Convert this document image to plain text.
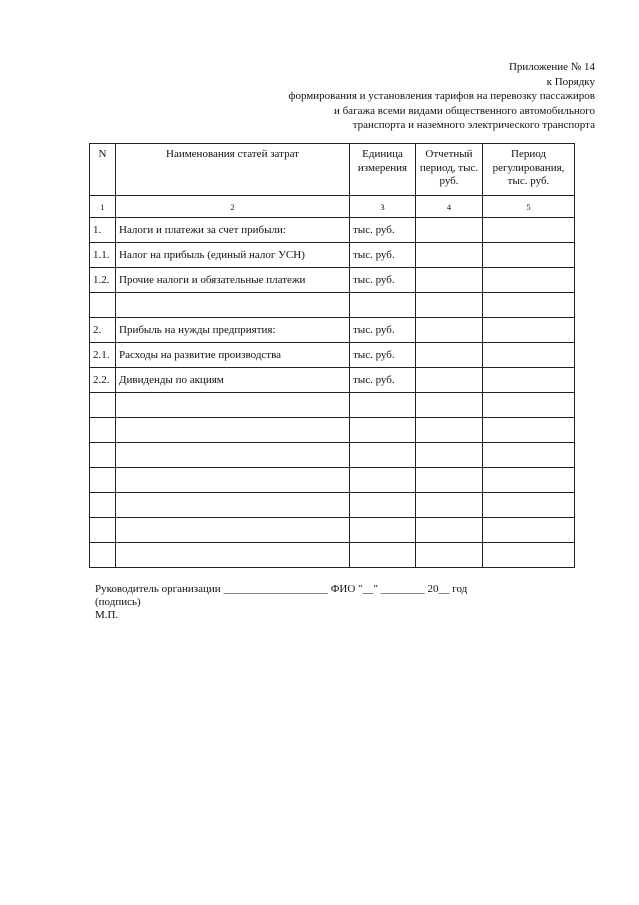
Приложение № 14
к Порядку
формирования и установления тарифов на перевозку пассажиров
и багажа всеми видами общественного автомобильного
транспорта и наземного электрического транспорта
N	Наименования статей затрат	Единица измерения	Отчетный период, тыс. руб.	Период регулирования, тыс. руб.
1	2	3	4	5
1.	Налоги и платежи за счет прибыли:	тыс. руб.		
1.1.	Налог на прибыль (единый налог УСН)	тыс. руб.		
1.2.	Прочие налоги и обязательные платежи	тыс. руб.		

2.	Прибыль на нужды предприятия:	тыс. руб.		
2.1.	Расходы на развитие производства	тыс. руб.		
2.2.	Дивиденды по акциям	тыс. руб.		

Руководитель организации ___________________ ФИО "__" ________ 20__ год
(подпись)
М.П.
